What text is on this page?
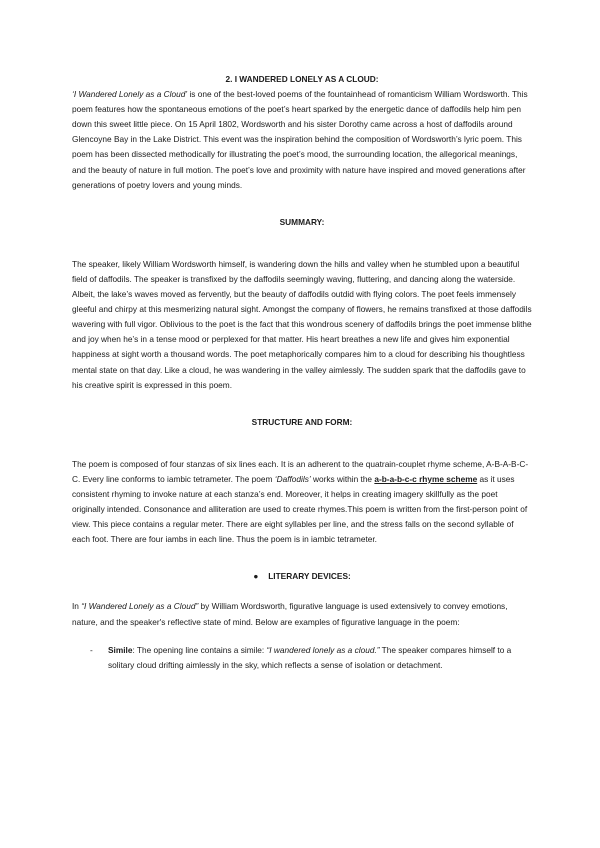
2. I WANDERED LONELY AS A CLOUD:

‘I Wandered Lonely as a Cloud’ is one of the best-loved poems of the fountainhead of romanticism William Wordsworth. This poem features how the spontaneous emotions of the poet’s heart sparked by the energetic dance of daffodils help him pen down this sweet little piece. On 15 April 1802, Wordsworth and his sister Dorothy came across a host of daffodils around Glencoyne Bay in the Lake District. This event was the inspiration behind the composition of Wordsworth’s lyric poem. This poem has been dissected methodically for illustrating the poet’s mood, the surrounding location, the allegorical meanings, and the beauty of nature in full motion. The poet’s love and proximity with nature have inspired and moved generations after generations of poetry lovers and young minds.

SUMMARY:

The speaker, likely William Wordsworth himself, is wandering down the hills and valley when he stumbled upon a beautiful field of daffodils. The speaker is transfixed by the daffodils seemingly waving, fluttering, and dancing along the waterside. Albeit, the lake’s waves moved as fervently, but the beauty of daffodils outdid with flying colors. The poet feels immensely gleeful and chirpy at this mesmerizing natural sight. Amongst the company of flowers, he remains transfixed at those daffodils wavering with full vigor. Oblivious to the poet is the fact that this wondrous scenery of daffodils brings the poet immense blithe and joy when he’s in a tense mood or perplexed for that matter. His heart breathes a new life and gives him exponential happiness at sight worth a thousand words. The poet metaphorically compares him to a cloud for describing his thoughtless mental state on that day. Like a cloud, he was wandering in the valley aimlessly. The sudden spark that the daffodils gave to his creative spirit is expressed in this poem.

STRUCTURE AND FORM:

The poem is composed of four stanzas of six lines each. It is an adherent to the quatrain-couplet rhyme scheme, A-B-A-B-C-C. Every line conforms to iambic tetrameter. The poem ‘Daffodils’ works within the a-b-a-b-c-c rhyme scheme as it uses consistent rhyming to invoke nature at each stanza’s end. Moreover, it helps in creating imagery skillfully as the poet originally intended. Consonance and alliteration are used to create rhymes.This poem is written from the first-person point of view. This piece contains a regular meter. There are eight syllables per line, and the stress falls on the second syllable of each foot. There are four iambs in each line. Thus the poem is in iambic tetrameter.

● LITERARY DEVICES:

In “I Wandered Lonely as a Cloud” by William Wordsworth, figurative language is used extensively to convey emotions, nature, and the speaker's reflective state of mind. Below are examples of figurative language in the poem:

- Simile: The opening line contains a simile: “I wandered lonely as a cloud.” The speaker compares himself to a solitary cloud drifting aimlessly in the sky, which reflects a sense of isolation or detachment.
